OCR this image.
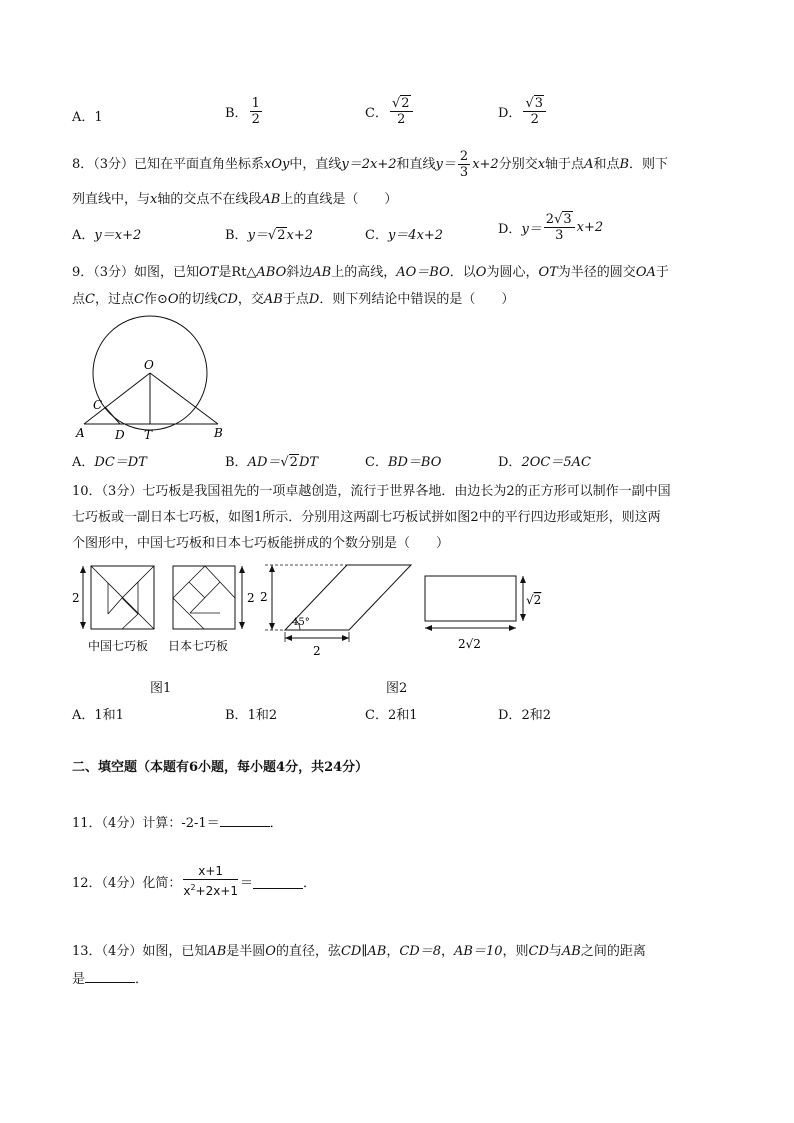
A．1	B． $\frac{1}{2}$	C． $\frac{√2}{2}$	D． $\frac{√3}{2}$
8．（3分）已知在平面直角坐标系xOy中，直线y＝2x+2和直线$y= \frac{2}{3} x+2$分别交x轴于点A和点B．则下
列直线中，与x轴的交点不在线段AB上的直线是（　　）
A．y＝x+2	B．y＝√2x+2	C．y＝4x+2	D．$y= \frac{2√3}{3} x+2$
9．（3分）如图，已知OT是Rt△ABO斜边AB上的高线，AO＝BO．以O为圆心，OT为半径的圆交OA于
点C，过点C作⊙O的切线CD，交AB于点D．则下列结论中错误的是（　　）
O
C
A	D T	B
A．DC＝DT	B．AD＝√2DT	C．BD＝BO	D．2OC＝5AC
10．（3分）七巧板是我国祖先的一项卓越创造，流行于世界各地．由边长为2的正方形可以制作一副中国
七巧板或一副日本七巧板，如图1所示．分别用这两副七巧板试拼如图2中的平行四边形或矩形，则这两
个图形中，中国七巧板和日本七巧板能拼成的个数分别是（　　）
2	2
中国七巧板 日本七巧板
图1
2
45°
2
√2
2√2
图2
A．1和1	B．1和2	C．2和1	D．2和2
二、填空题（本题有6小题，每小题4分，共24分）
11．（4分）计算：-2-1＝	．
12．（4分）化简： $\frac{x+1}{x^2+2x+1}$ ＝	．
13．（4分）如图，已知AB是半圆O的直径，弦CD∥AB，CD＝8，AB＝10，则CD与AB之间的距离
是	．
